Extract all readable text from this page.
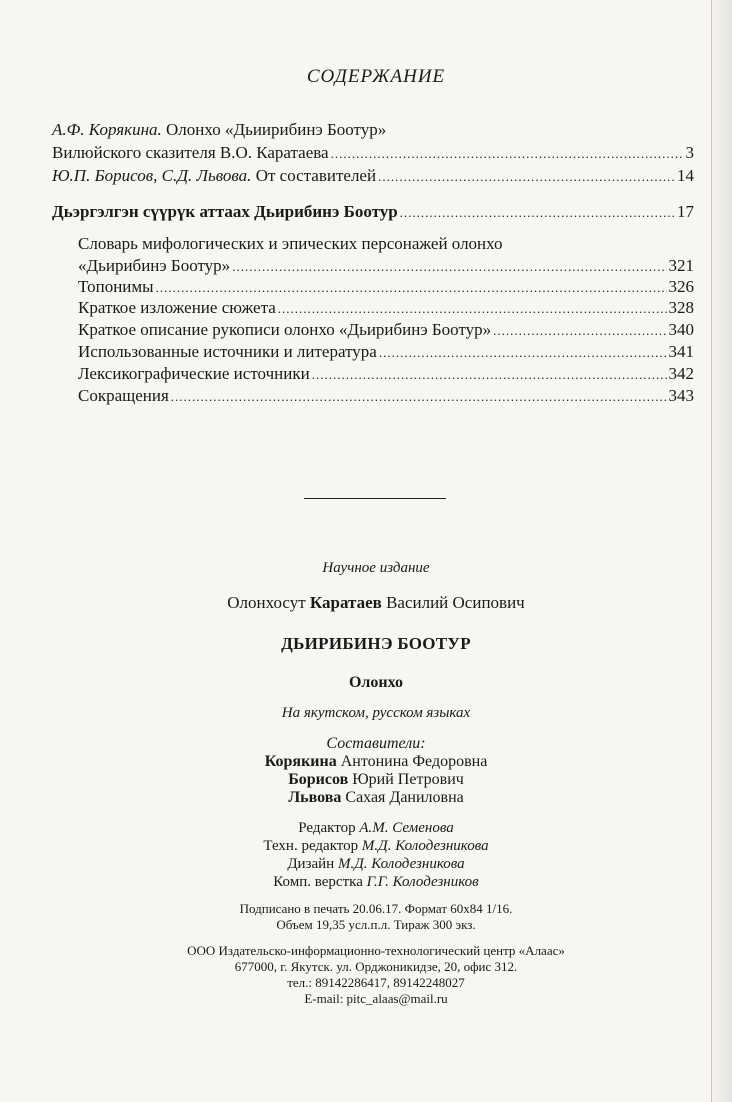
СОДЕРЖАНИЕ
А.Ф. Корякина. Олонхо «Дьиирибинэ Боотур»
Вилюйского сказителя В.О. Каратаева .....	3
Ю.П. Борисов, С.Д. Львова. От составителей .....	14
Дьэргэлгэн сүүрүк аттаах Дьирибинэ Боотур .....	17
Словарь мифологических и эпических персонажей олонхо
«Дьирибинэ Боотур» .....	321
Топонимы .....	326
Краткое изложение сюжета .....	328
Краткое описание рукописи олонхо «Дьирибинэ Боотур» .....	340
Использованные источники и литература .....	341
Лексикографические источники .....	342
Сокращения .....	343
Научное издание
Олонхосут Каратаев Василий Осипович
ДЬИРИБИНЭ БООТУР
Олонхо
На якутском, русском языках
Составители:
Корякина Антонина Федоровна
Борисов Юрий Петрович
Львова Сахая Даниловна
Редактор А.М. Семенова
Техн. редактор М.Д. Колодезникова
Дизайн М.Д. Колодезникова
Комп. верстка Г.Г. Колодезников
Подписано в печать 20.06.17. Формат 60х84 1/16.
Объем 19,35 усл.п.л. Тираж 300 экз.
ООО Издательско-информационно-технологический центр «Алаас»
677000, г. Якутск. ул. Орджоникидзе, 20, офис 312.
тел.: 89142286417, 89142248027
E-mail: pitc_alaas@mail.ru
